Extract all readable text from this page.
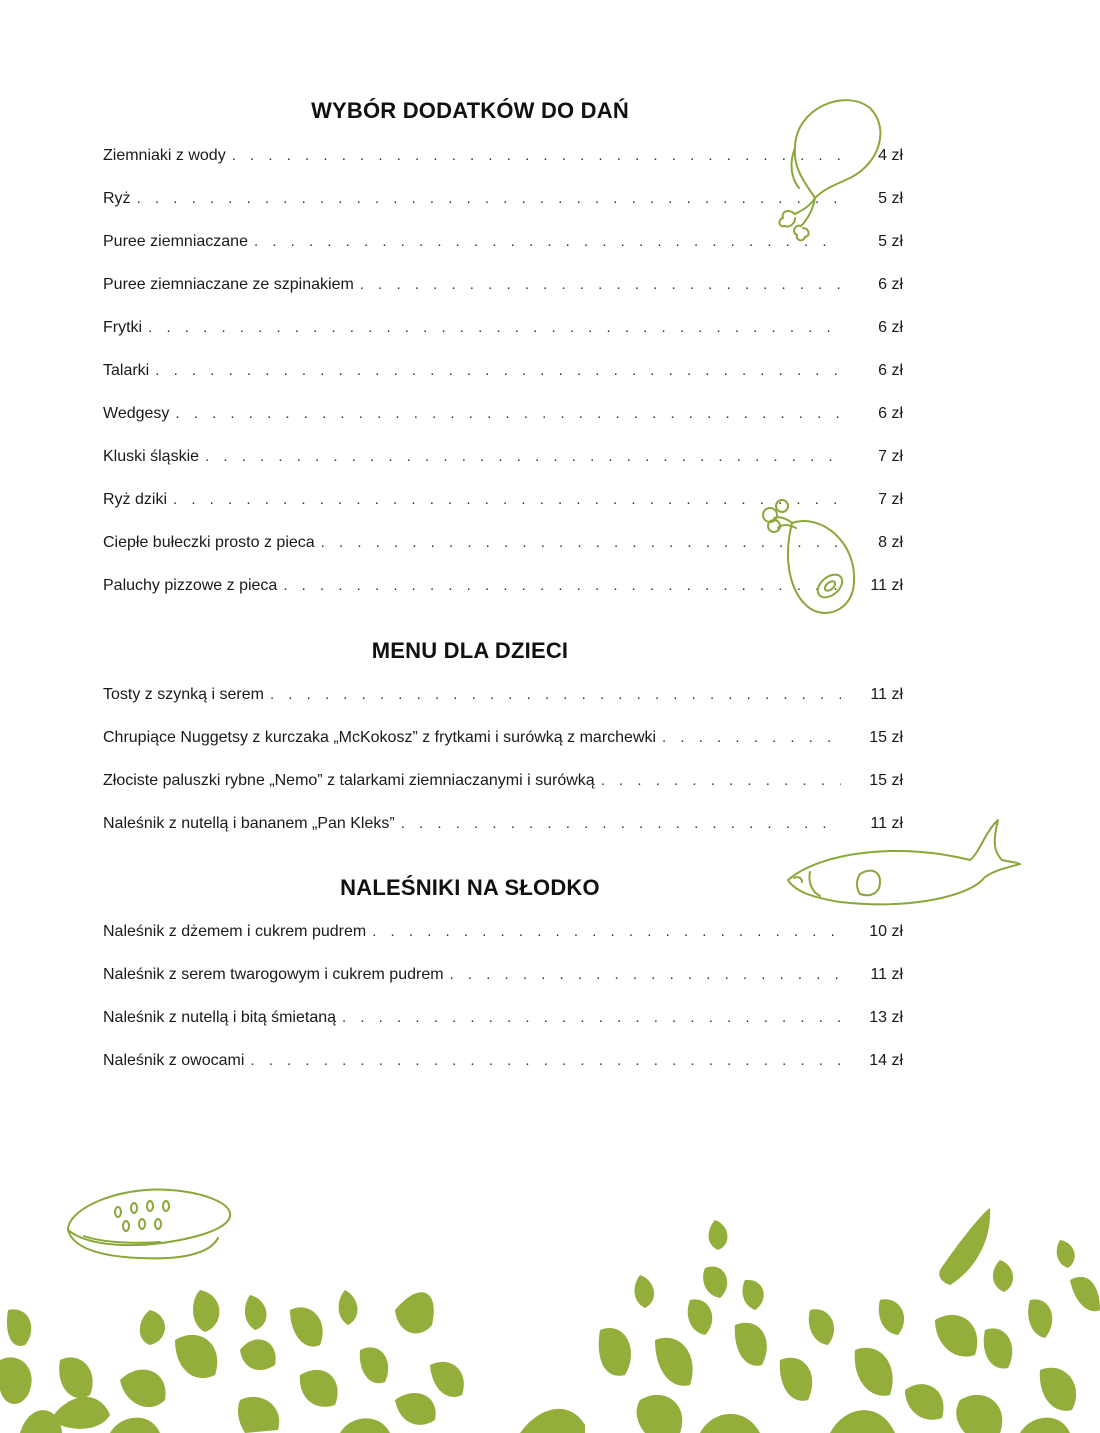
WYBÓR DODATKÓW DO DAŃ
Ziemniaki z wody . . .	4 zł
Ryż . . .	5 zł
Puree ziemniaczane . . .	5 zł
Puree ziemniaczane ze szpinakiem . . .	6 zł
Frytki . . .	6 zł
Talarki . . .	6 zł
Wedgesy . . .	6 zł
Kluski śląskie . . .	7 zł
Ryż dziki . . .	7 zł
Ciepłe bułeczki prosto z pieca . . .	8 zł
Paluchy pizzowe z pieca . . .	11 zł
MENU DLA DZIECI
Tosty z szynką i serem . . .	11 zł
Chrupiące Nuggetsy z kurczaka „McKokosz” z frytkami i surówką z marchewki . . .	15 zł
Złociste paluszki rybne „Nemo” z talarkami ziemniaczanymi i surówką . . .	15 zł
Naleśnik z nutellą i bananem „Pan Kleks” . . .	11 zł
NALEŚNIKI NA SŁODKO
Naleśnik z dżemem i cukrem pudrem . . .	10 zł
Naleśnik z serem twarogowym i cukrem pudrem . . .	11 zł
Naleśnik z nutellą i bitą śmietaną . . .	13 zł
Naleśnik z owocami . . .	14 zł
